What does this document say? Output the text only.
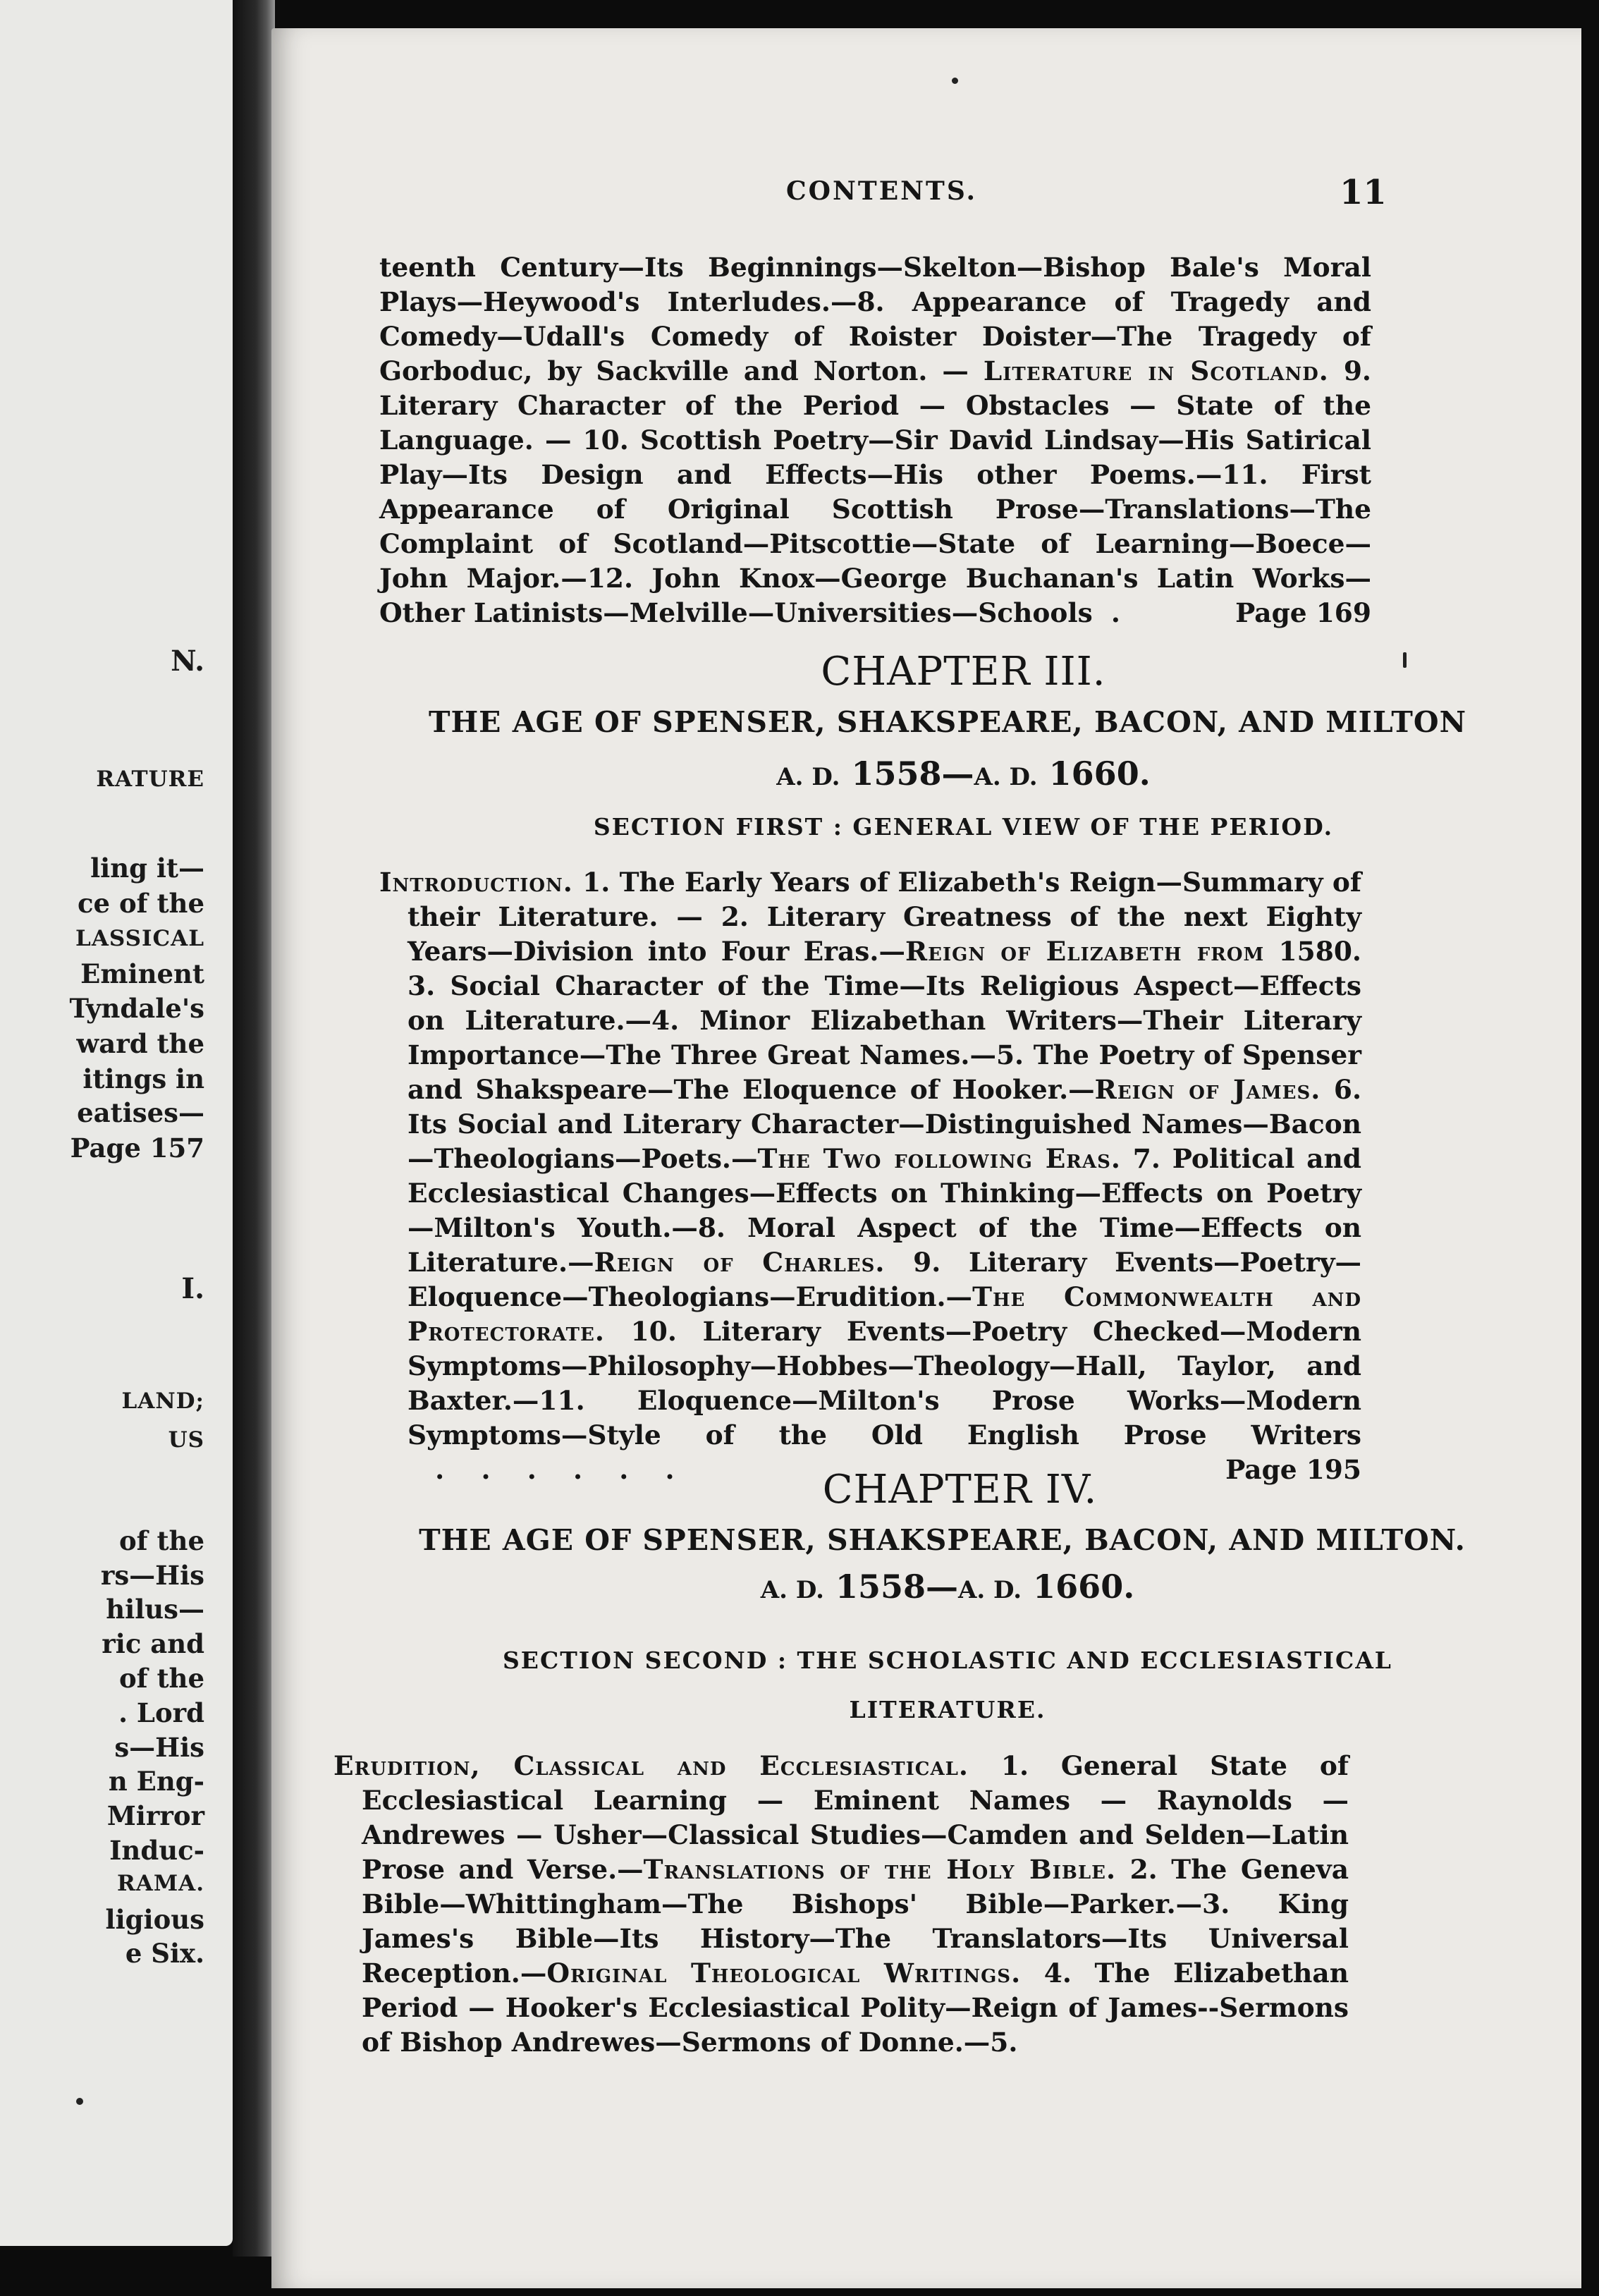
N.
RATURE
ling it—
ce of the
LASSICAL
Eminent
Tyndale's
ward the
itings in
eatises—
Page 157
I.
LAND;
US
of the
rs—His
hilus—
ric and
of the
. Lord
s—His
n Eng-
Mirror
Induc-
RAMA.
ligious
e Six.
CONTENTS.	11

teenth Century—Its Beginnings—Skelton—Bishop Bale's Moral Plays—Heywood's Interludes.—8. Appearance of Tragedy and Comedy—Udall's Comedy of Roister Doister—The Tragedy of Gorboduc, by Sackville and Norton. — Literature in Scotland. 9. Literary Character of the Period — Obstacles — State of the Language. — 10. Scottish Poetry—Sir David Lindsay—His Satirical Play—Its Design and Effects—His other Poems.—11. First Appearance of Original Scottish Prose—Translations—The Complaint of Scotland—Pitscottie—State of Learning—Boece—John Major.—12. John Knox—George Buchanan's Latin Works—Other Latinists—Melville—Universities—Schools  .	Page 169

CHAPTER III.
THE AGE OF SPENSER, SHAKSPEARE, BACON, AND MILTON
A. D. 1558—A. D. 1660.
SECTION FIRST : GENERAL VIEW OF THE PERIOD.

Introduction. 1. The Early Years of Elizabeth's Reign—Summary of their Literature. — 2. Literary Greatness of the next Eighty Years—Division into Four Eras.—Reign of Elizabeth from 1580. 3. Social Character of the Time—Its Religious Aspect—Effects on Literature.—4. Minor Elizabethan Writers—Their Literary Importance—The Three Great Names.—5. The Poetry of Spenser and Shakspeare—The Eloquence of Hooker.—Reign of James. 6. Its Social and Literary Character—Distinguished Names—Bacon—Theologians—Poets.—The Two following Eras. 7. Political and Ecclesiastical Changes—Effects on Thinking—Effects on Poetry—Milton's Youth.—8. Moral Aspect of the Time—Effects on Literature.—Reign of Charles. 9. Literary Events—Poetry—Eloquence—Theologians—Erudition.—The Commonwealth and Protectorate. 10. Literary Events—Poetry Checked—Modern Symptoms—Philosophy—Hobbes—Theology—Hall, Taylor, and Baxter.—11. Eloquence—Milton's Prose Works—Modern Symptoms—Style of the Old English Prose Writers   .    .    .    .    .    .	Page 195

CHAPTER IV.
THE AGE OF SPENSER, SHAKSPEARE, BACON, AND MILTON.
A. D. 1558—A. D. 1660.
SECTION SECOND : THE SCHOLASTIC AND ECCLESIASTICAL
LITERATURE.

Erudition, Classical and Ecclesiastical. 1. General State of Ecclesiastical Learning — Eminent Names — Raynolds — Andrewes — Usher—Classical Studies—Camden and Selden—Latin Prose and Verse.—Translations of the Holy Bible. 2. The Geneva Bible—Whittingham—The Bishops' Bible—Parker.—3. King James's Bible—Its History—The Translators—Its Universal Reception.—Original Theological Writings. 4. The Elizabethan Period — Hooker's Ecclesiastical Polity—Reign of James--Sermons of Bishop Andrewes—Sermons of Donne.—5.
